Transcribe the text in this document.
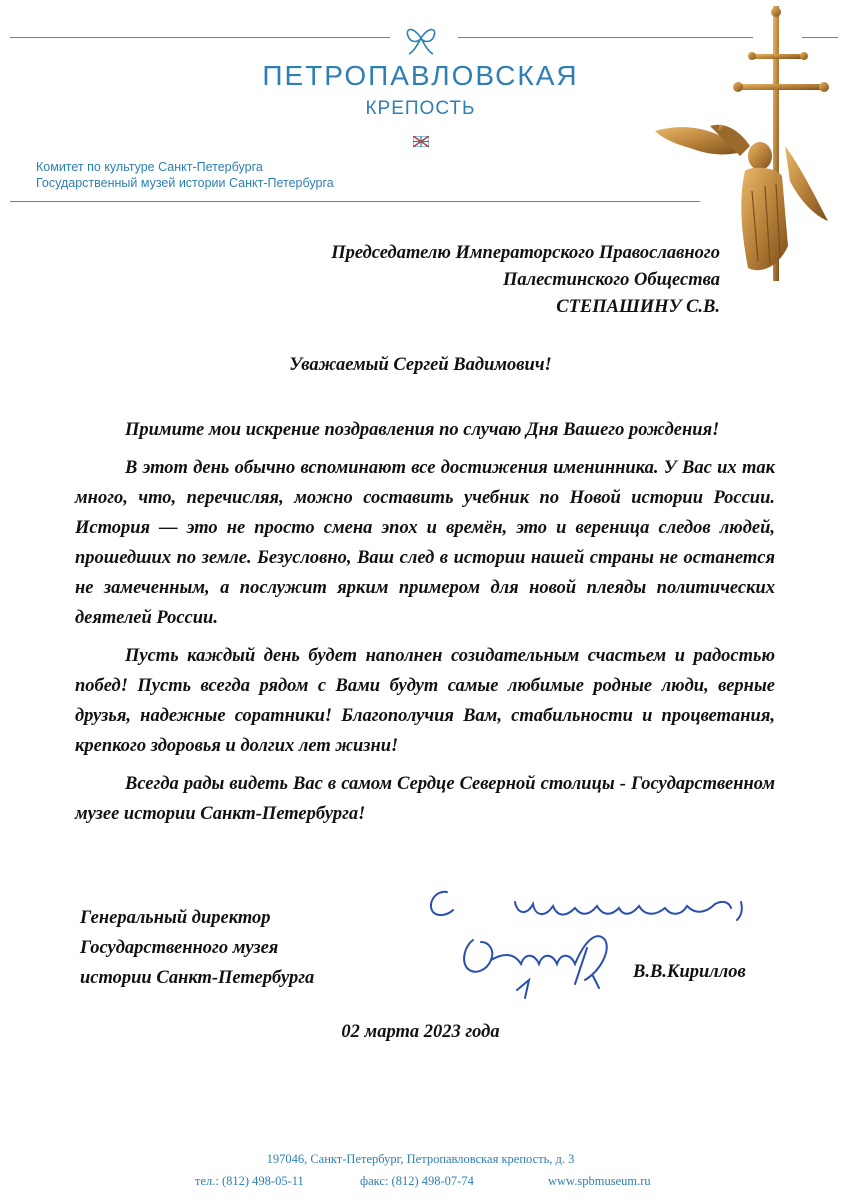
ПЕТРОПАВЛОВСКАЯ
КРЕПОСТЬ
Комитет по культуре Санкт-Петербурга
Государственный музей истории Санкт-Петербурга
Председателю Императорского Православного
Палестинского Общества
СТЕПАШИНУ С.В.
Уважаемый Сергей Вадимович!

Примите мои искрение поздравления по случаю Дня Вашего рождения!

В этот день обычно вспоминают все достижения именинника. У Вас их так много, что, перечисляя, можно составить учебник по Новой истории России. История — это не просто смена эпох и времён, это и вереница следов людей, прошедших по земле. Безусловно, Ваш след в истории нашей страны не останется не замеченным, а послужит ярким примером для новой плеяды политических деятелей России.

Пусть каждый день будет наполнен созидательным счастьем и радостью побед! Пусть всегда рядом с Вами будут самые любимые родные люди, верные друзья, надежные соратники! Благополучия Вам, стабильности и процветания, крепкого здоровья и долгих лет жизни!

Всегда рады видеть Вас в самом Сердце Северной столицы - Государственном музее истории Санкт-Петербурга!

Генеральный директор
Государственного музея
истории Санкт-Петербурга	В.В.Кириллов
02 марта 2023 года
197046, Санкт-Петербург, Петропавловская крепость, д. 3
тел.: (812) 498-05-11	факс: (812) 498-07-74	www.spbmuseum.ru
